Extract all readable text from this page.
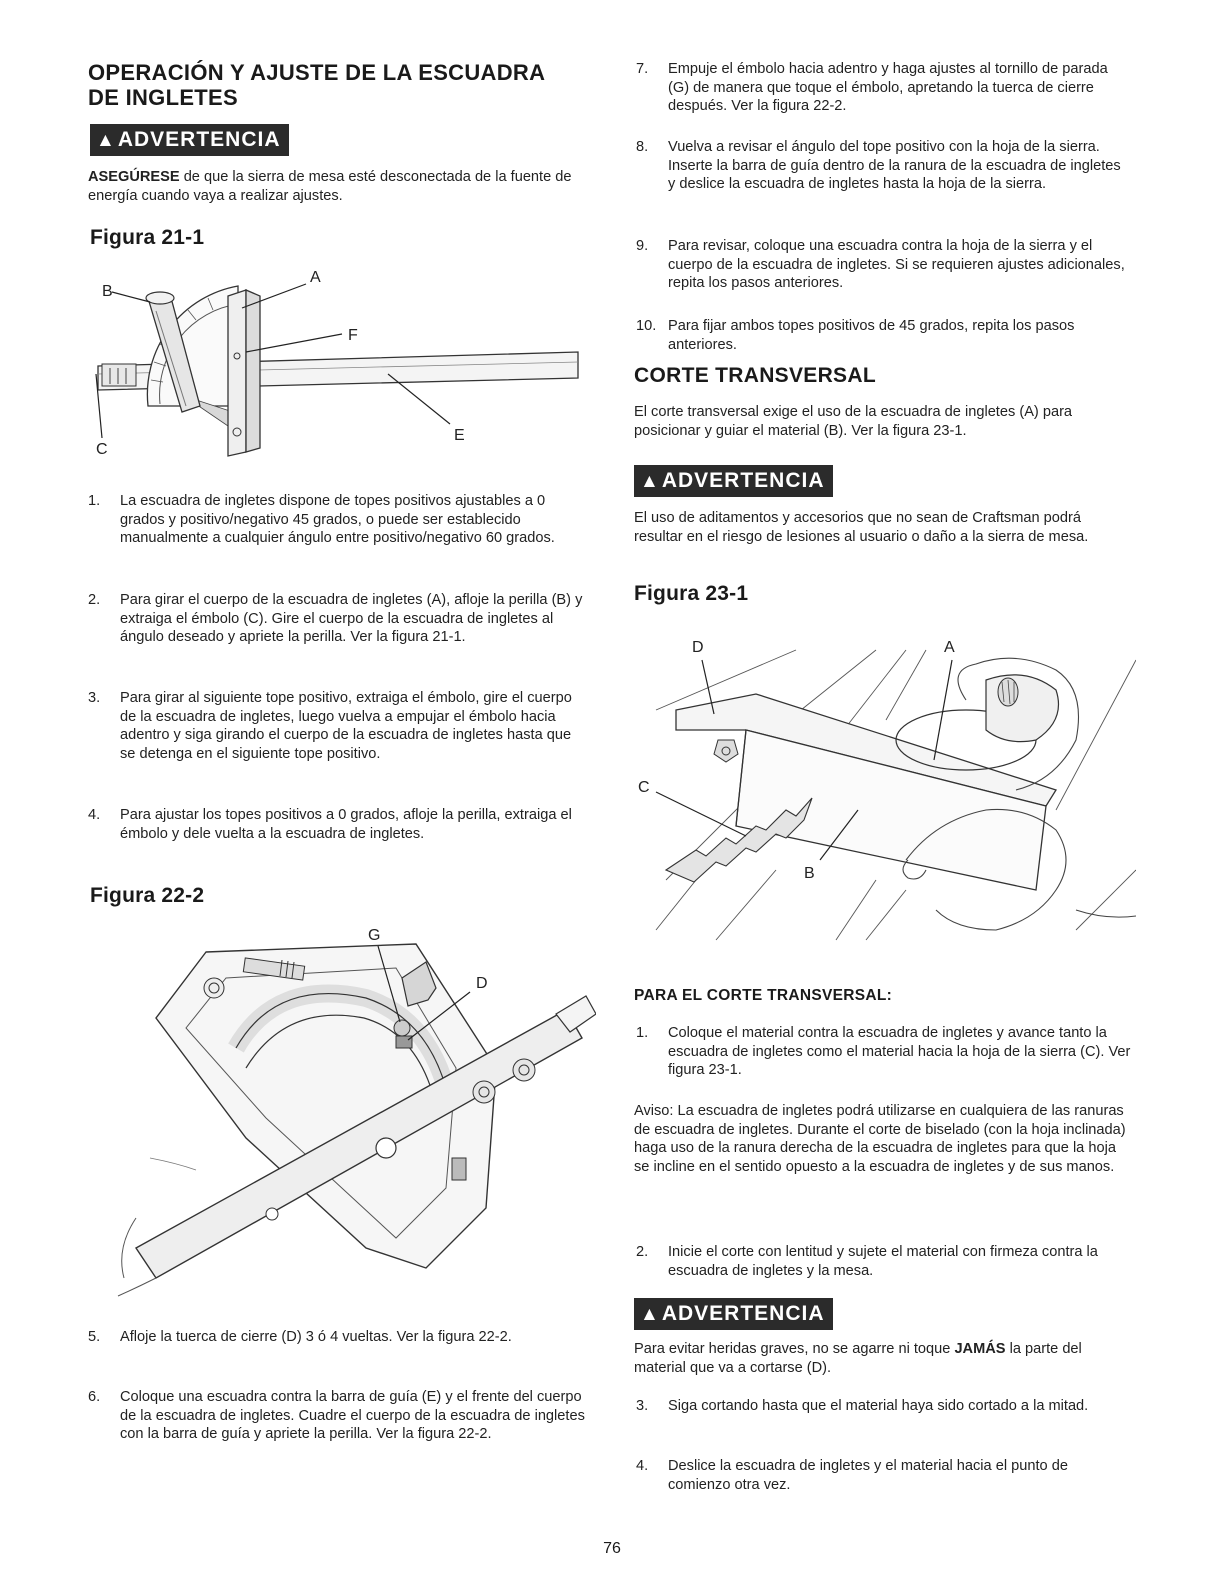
OPERACIÓN Y AJUSTE DE LA ESCUADRA
DE INGLETES
▲ADVERTENCIA
ASEGÚRESE de que la sierra de mesa esté desconectada de la fuente de energía cuando vaya a realizar ajustes.
Figura 21-1
B
A
F
E
C
1. La escuadra de ingletes dispone de topes positivos ajustables a 0 grados y positivo/negativo 45 grados, o puede ser establecido manualmente a cualquier ángulo entre positivo/negativo 60 grados.
2. Para girar el cuerpo de la escuadra de ingletes (A), afloje la perilla (B) y extraiga el émbolo (C). Gire el cuerpo de la escuadra de ingletes al ángulo deseado y apriete la perilla. Ver la figura 21-1.
3. Para girar al siguiente tope positivo, extraiga el émbolo, gire el cuerpo de la escuadra de ingletes, luego vuelva a empujar el émbolo hacia adentro y siga girando el cuerpo de la escuadra de ingletes hasta que se detenga en el siguiente tope positivo.
4. Para ajustar los topes positivos a 0 grados, afloje la perilla, extraiga el émbolo y dele vuelta a la escuadra de ingletes.
Figura 22-2
G
D
5. Afloje la tuerca de cierre (D) 3 ó 4 vueltas. Ver la figura 22-2.
6. Coloque una escuadra contra la barra de guía (E) y el frente del cuerpo de la escuadra de ingletes. Cuadre el cuerpo de la escuadra de ingletes con la barra de guía y apriete la perilla. Ver la figura 22-2.
7. Empuje el émbolo hacia adentro y haga ajustes al tornillo de parada (G) de manera que toque el émbolo, apretando la tuerca de cierre después. Ver la figura 22-2.
8. Vuelva a revisar el ángulo del tope positivo con la hoja de la sierra. Inserte la barra de guía dentro de la ranura de la escuadra de ingletes y deslice la escuadra de ingletes hasta la hoja de la sierra.
9. Para revisar, coloque una escuadra contra la hoja de la sierra y el cuerpo de la escuadra de ingletes. Si se requieren ajustes adicionales, repita los pasos anteriores.
10. Para fijar ambos topes positivos de 45 grados, repita los pasos anteriores.
CORTE TRANSVERSAL
El corte transversal exige el uso de la escuadra de ingletes (A) para posicionar y guiar el material (B). Ver la figura 23-1.
▲ADVERTENCIA
El uso de aditamentos y accesorios que no sean de Craftsman podrá resultar en el riesgo de lesiones al usuario o daño a la sierra de mesa.
Figura 23-1
D	A
C
B
PARA EL CORTE TRANSVERSAL:
1. Coloque el material contra la escuadra de ingletes y avance tanto la escuadra de ingletes como el material hacia la hoja de la sierra (C). Ver figura 23-1.
Aviso: La escuadra de ingletes podrá utilizarse en cualquiera de las ranuras de escuadra de ingletes. Durante el corte de biselado (con la hoja inclinada) haga uso de la ranura derecha de la escuadra de ingletes para que la hoja se incline en el sentido opuesto a la escuadra de ingletes y de sus manos.
2. Inicie el corte con lentitud y sujete el material con firmeza contra la escuadra de ingletes y la mesa.
▲ADVERTENCIA
Para evitar heridas graves, no se agarre ni toque JAMÁS la parte del material que va a cortarse (D).
3. Siga cortando hasta que el material haya sido cortado a la mitad.
4. Deslice la escuadra de ingletes y el material hacia el punto de comienzo otra vez.
76
